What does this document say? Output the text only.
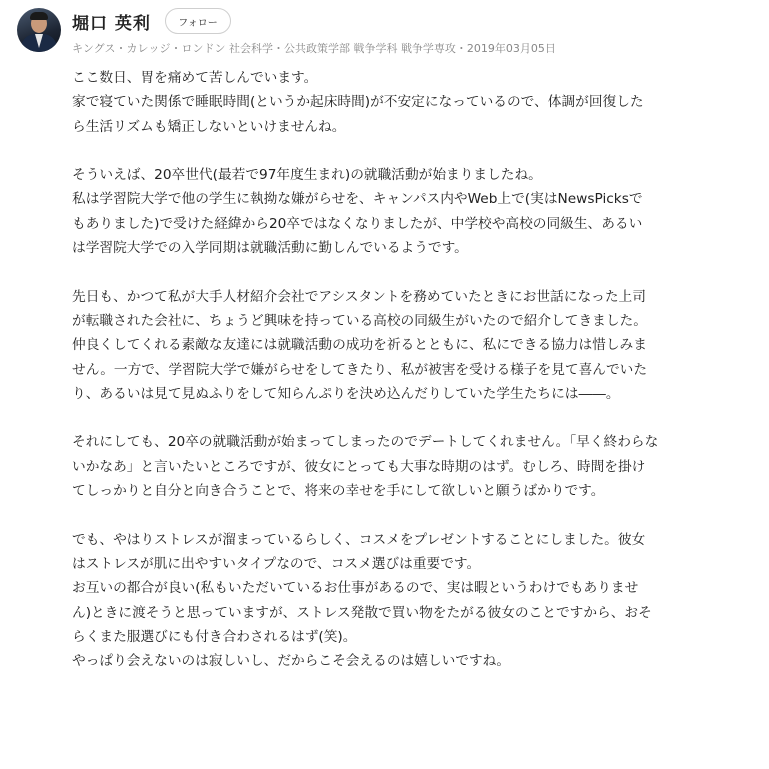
堀口 英利	フォロー
キングス・カレッジ・ロンドン 社会科学・公共政策学部 戦争学科 戦争学専攻・2019年03月05日
ここ数日、胃を痛めて苦しんでいます。
家で寝ていた関係で睡眠時間(というか起床時間)が不安定になっているので、体調が回復した
ら生活リズムも矯正しないといけませんね。
そういえば、20卒世代(最若で97年度生まれ)の就職活動が始まりましたね。
私は学習院大学で他の学生に執拗な嫌がらせを、キャンパス内やWeb上で(実はNewsPicksで
もありました)で受けた経緯から20卒ではなくなりましたが、中学校や高校の同級生、あるい
は学習院大学での入学同期は就職活動に勤しんでいるようです。
先日も、かつて私が大手人材紹介会社でアシスタントを務めていたときにお世話になった上司
が転職された会社に、ちょうど興味を持っている高校の同級生がいたので紹介してきました。
仲良くしてくれる素敵な友達には就職活動の成功を祈るとともに、私にできる協力は惜しみま
せん。一方で、学習院大学で嫌がらせをしてきたり、私が被害を受ける様子を見て喜んでいた
り、あるいは見て見ぬふりをして知らんぷりを決め込んだりしていた学生たちには――。
それにしても、20卒の就職活動が始まってしまったのでデートしてくれません。「早く終わらな
いかなあ」と言いたいところですが、彼女にとっても大事な時期のはず。むしろ、時間を掛け
てしっかりと自分と向き合うことで、将来の幸せを手にして欲しいと願うばかりです。
でも、やはりストレスが溜まっているらしく、コスメをプレゼントすることにしました。彼女
はストレスが肌に出やすいタイプなので、コスメ選びは重要です。
お互いの都合が良い(私もいただいているお仕事があるので、実は暇というわけでもありませ
ん)ときに渡そうと思っていますが、ストレス発散で買い物をたがる彼女のことですから、おそ
らくまた服選びにも付き合わされるはず(笑)。
やっぱり会えないのは寂しいし、だからこそ会えるのは嬉しいですね。
